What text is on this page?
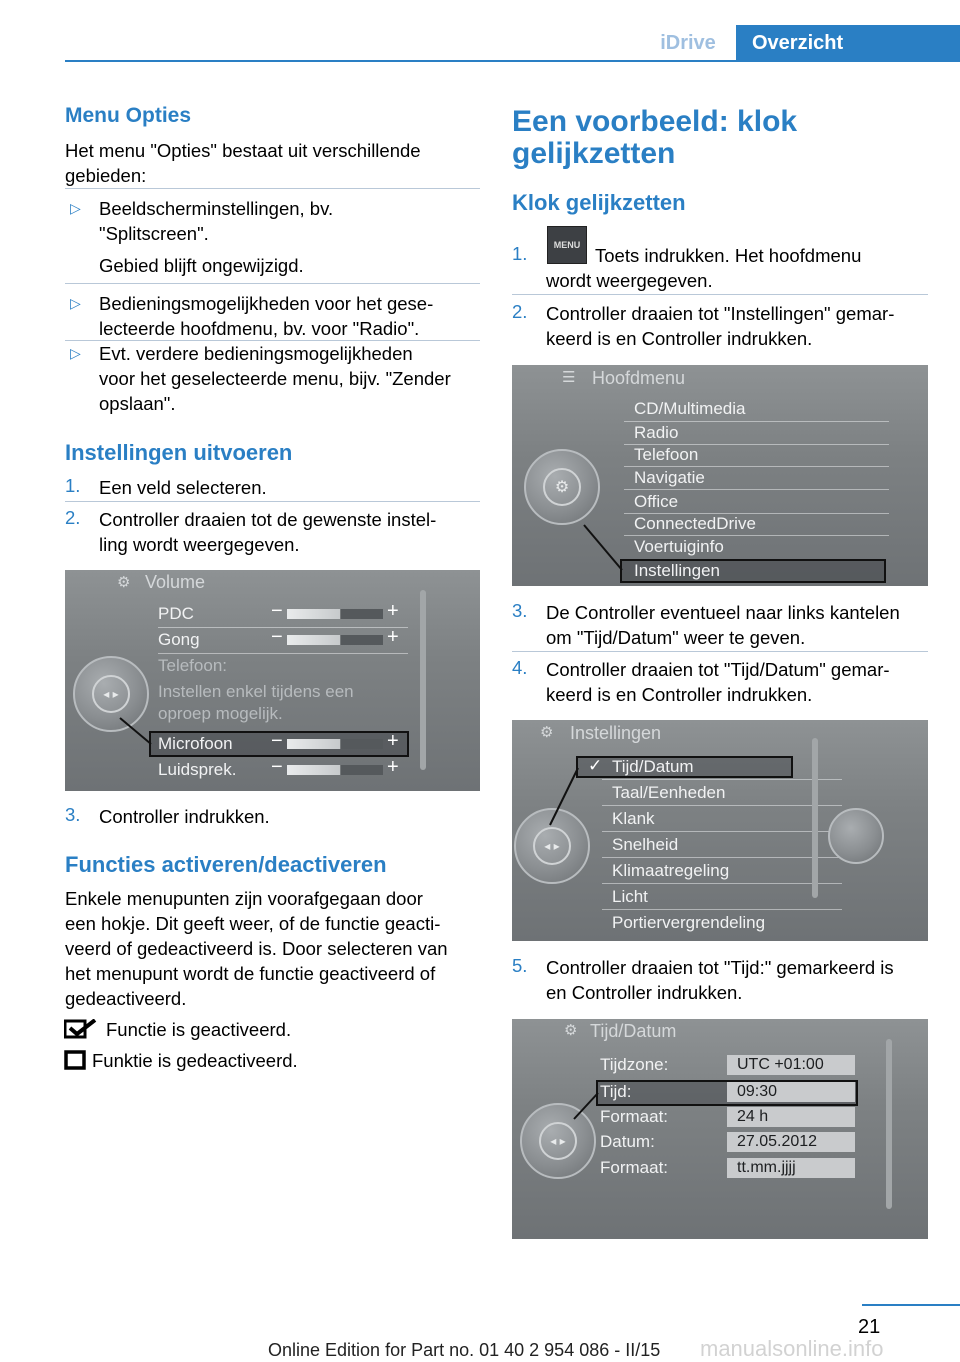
iDrive	Overzicht
Menu Opties
Het menu "Opties" bestaat uit verschillende
gebieden:
▷ Beeldscherminstellingen, bv.
"Splitscreen".
Gebied blijft ongewijzigd.
▷ Bedieningsmogelijkheden voor het gese-
lecteerde hoofdmenu, bv. voor "Radio".
▷ Evt. verdere bedieningsmogelijkheden
voor het geselecteerde menu, bijv. "Zender
opslaan".
Instellingen uitvoeren
1. Een veld selecteren.
2. Controller draaien tot de gewenste instel-
ling wordt weergegeven.
⚙ Volume
PDC	−	+
Gong	−	+
Telefoon:
Instellen enkel tijdens een
oproep mogelijk.
Microfoon −	+
Luidsprek. −	+
◂ ▸
3. Controller indrukken.
Functies activeren/deactiveren
Enkele menupunten zijn voorafgegaan door
een hokje. Dit geeft weer, of de functie geacti-
veerd of gedeactiveerd is. Door selecteren van
het menupunt wordt de functie geactiveerd of
gedeactiveerd.
Functie is geactiveerd.
Funktie is gedeactiveerd.
Een voorbeeld: klok
gelijkzetten
Klok gelijkzetten
1.	MENU Toets indrukken. Het hoofdmenu
wordt weergegeven.
2. Controller draaien tot "Instellingen" gemar-
keerd is en Controller indrukken.
☰ Hoofdmenu
CD/Multimedia
Radio
Telefoon
Navigatie
Office
ConnectedDrive
Voertuiginfo
Instellingen
⚙
3. De Controller eventueel naar links kantelen
om "Tijd/Datum" weer te geven.
4. Controller draaien tot "Tijd/Datum" gemar-
keerd is en Controller indrukken.
⚙ Instellingen
✓ Tijd/Datum
Taal/Eenheden
Klank
Snelheid
Klimaatregeling
Licht
Portiervergrendeling
◂ ▸
5. Controller draaien tot "Tijd:" gemarkeerd is
en Controller indrukken.
⚙ Tijd/Datum
Tijdzone:	UTC +01:00
Tijd:	09:30
Formaat:	24 h
Datum:	27.05.2012
Formaat:	tt.mm.jjjj
◂ ▸
21
Online Edition for Part no. 01 40 2 954 086 - II/15 manualsonline.info
